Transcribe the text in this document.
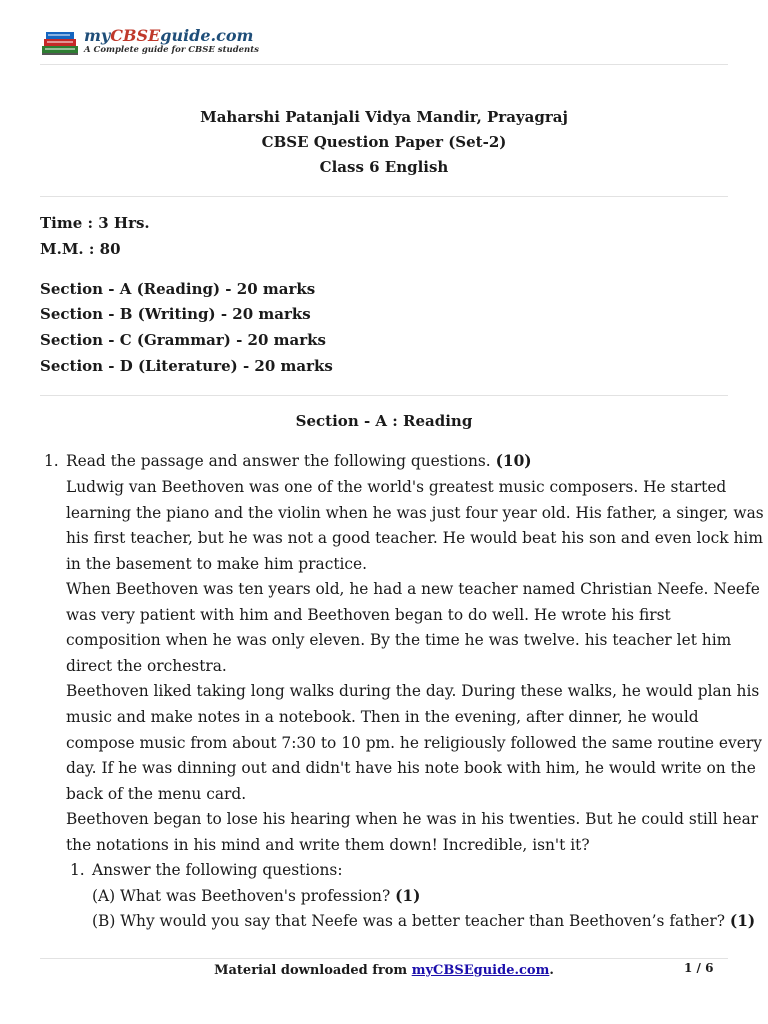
myCBSEguide.com
A Complete guide for CBSE students
Maharshi Patanjali Vidya Mandir, Prayagraj
CBSE Question Paper (Set-2)
Class 6 English
Time : 3 Hrs.
M.M. : 80
Section - A (Reading) - 20 marks
Section - B (Writing) - 20 marks
Section - C (Grammar) - 20 marks
Section - D (Literature) - 20 marks
Section - A : Reading
1. Read the passage and answer the following questions. (10)
Ludwig van Beethoven was one of the world's greatest music composers. He started
learning the piano and the violin when he was just four year old. His father, a singer, was
his first teacher, but he was not a good teacher. He would beat his son and even lock him
in the basement to make him practice.
When Beethoven was ten years old, he had a new teacher named Christian Neefe. Neefe
was very patient with him and Beethoven began to do well. He wrote his first
composition when he was only eleven. By the time he was twelve. his teacher let him
direct the orchestra.
Beethoven liked taking long walks during the day. During these walks, he would plan his
music and make notes in a notebook. Then in the evening, after dinner, he would
compose music from about 7:30 to 10 pm. he religiously followed the same routine every
day. If he was dinning out and didn't have his note book with him, he would write on the
back of the menu card.
Beethoven began to lose his hearing when he was in his twenties. But he could still hear
the notations in his mind and write them down! Incredible, isn't it?
1. Answer the following questions:
(A) What was Beethoven's profession? (1)
(B) Why would you say that Neefe was a better teacher than Beethoven’s father? (1)
Material downloaded from myCBSEguide.com.	1 / 6
